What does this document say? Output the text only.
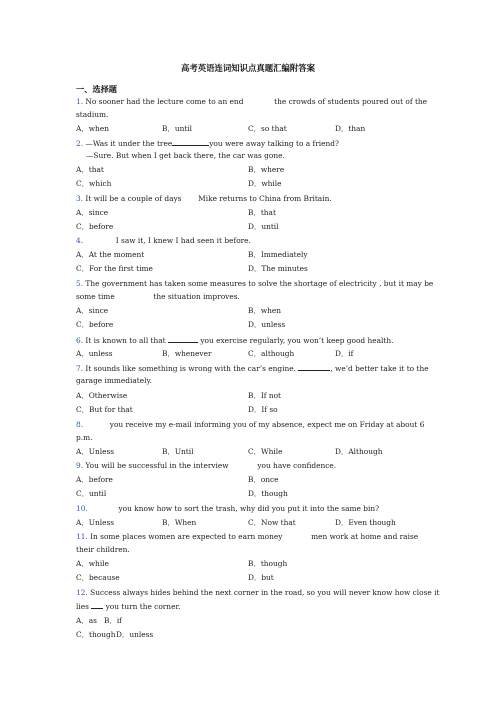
高考英语连词知识点真题汇编附答案
一、选择题
1. No sooner had the lecture come to an end	the crowds of students poured out of the
stadium.
A．when	B．until	C．so that	D．than
2. —Was it under the tree	you were away talking to a friend?
—Sure. But when I get back there, the car was gone.
A．that	B．where
C．which	D．while
3. It will be a couple of days Mike returns to China from Britain.
A．since	B．that
C．before	D．until
4.	I saw it, I knew I had seen it before.
A．At the moment	B．Immediately
C．For the first time	D．The minutes
5. The government has taken some measures to solve the shortage of electricity , but it may be
some time	the situation improves.
A．since	B．when
C．before	D．unless
6. It is known to all that	you exercise regularly, you won’t keep good health.
A．unless	B．whenever	C．although	D．if
7. It sounds like something is wrong with the car’s engine.	, we’d better take it to the
garage immediately.
A．Otherwise	B．If not
C．But for that	D．If so
8.	you receive my e-mail informing you of my absence, expect me on Friday at about 6
p.m.
A．Unless	B．Until	C．While	D．Although
9. You will be successful in the interview	you have confidence.
A．before	B．once
C．until	D．though
10.	you know how to sort the trash, why did you put it into the same bin?
A．Unless	B．When	C．Now that	D．Even though
11. In some places women are expected to earn money	men work at home and raise
their children.
A．while	B．though
C．because	D．but
12. Success always hides behind the next corner in the road, so you will never know how close it
lies you turn the corner.
A．as B．if
C．though D．unless
